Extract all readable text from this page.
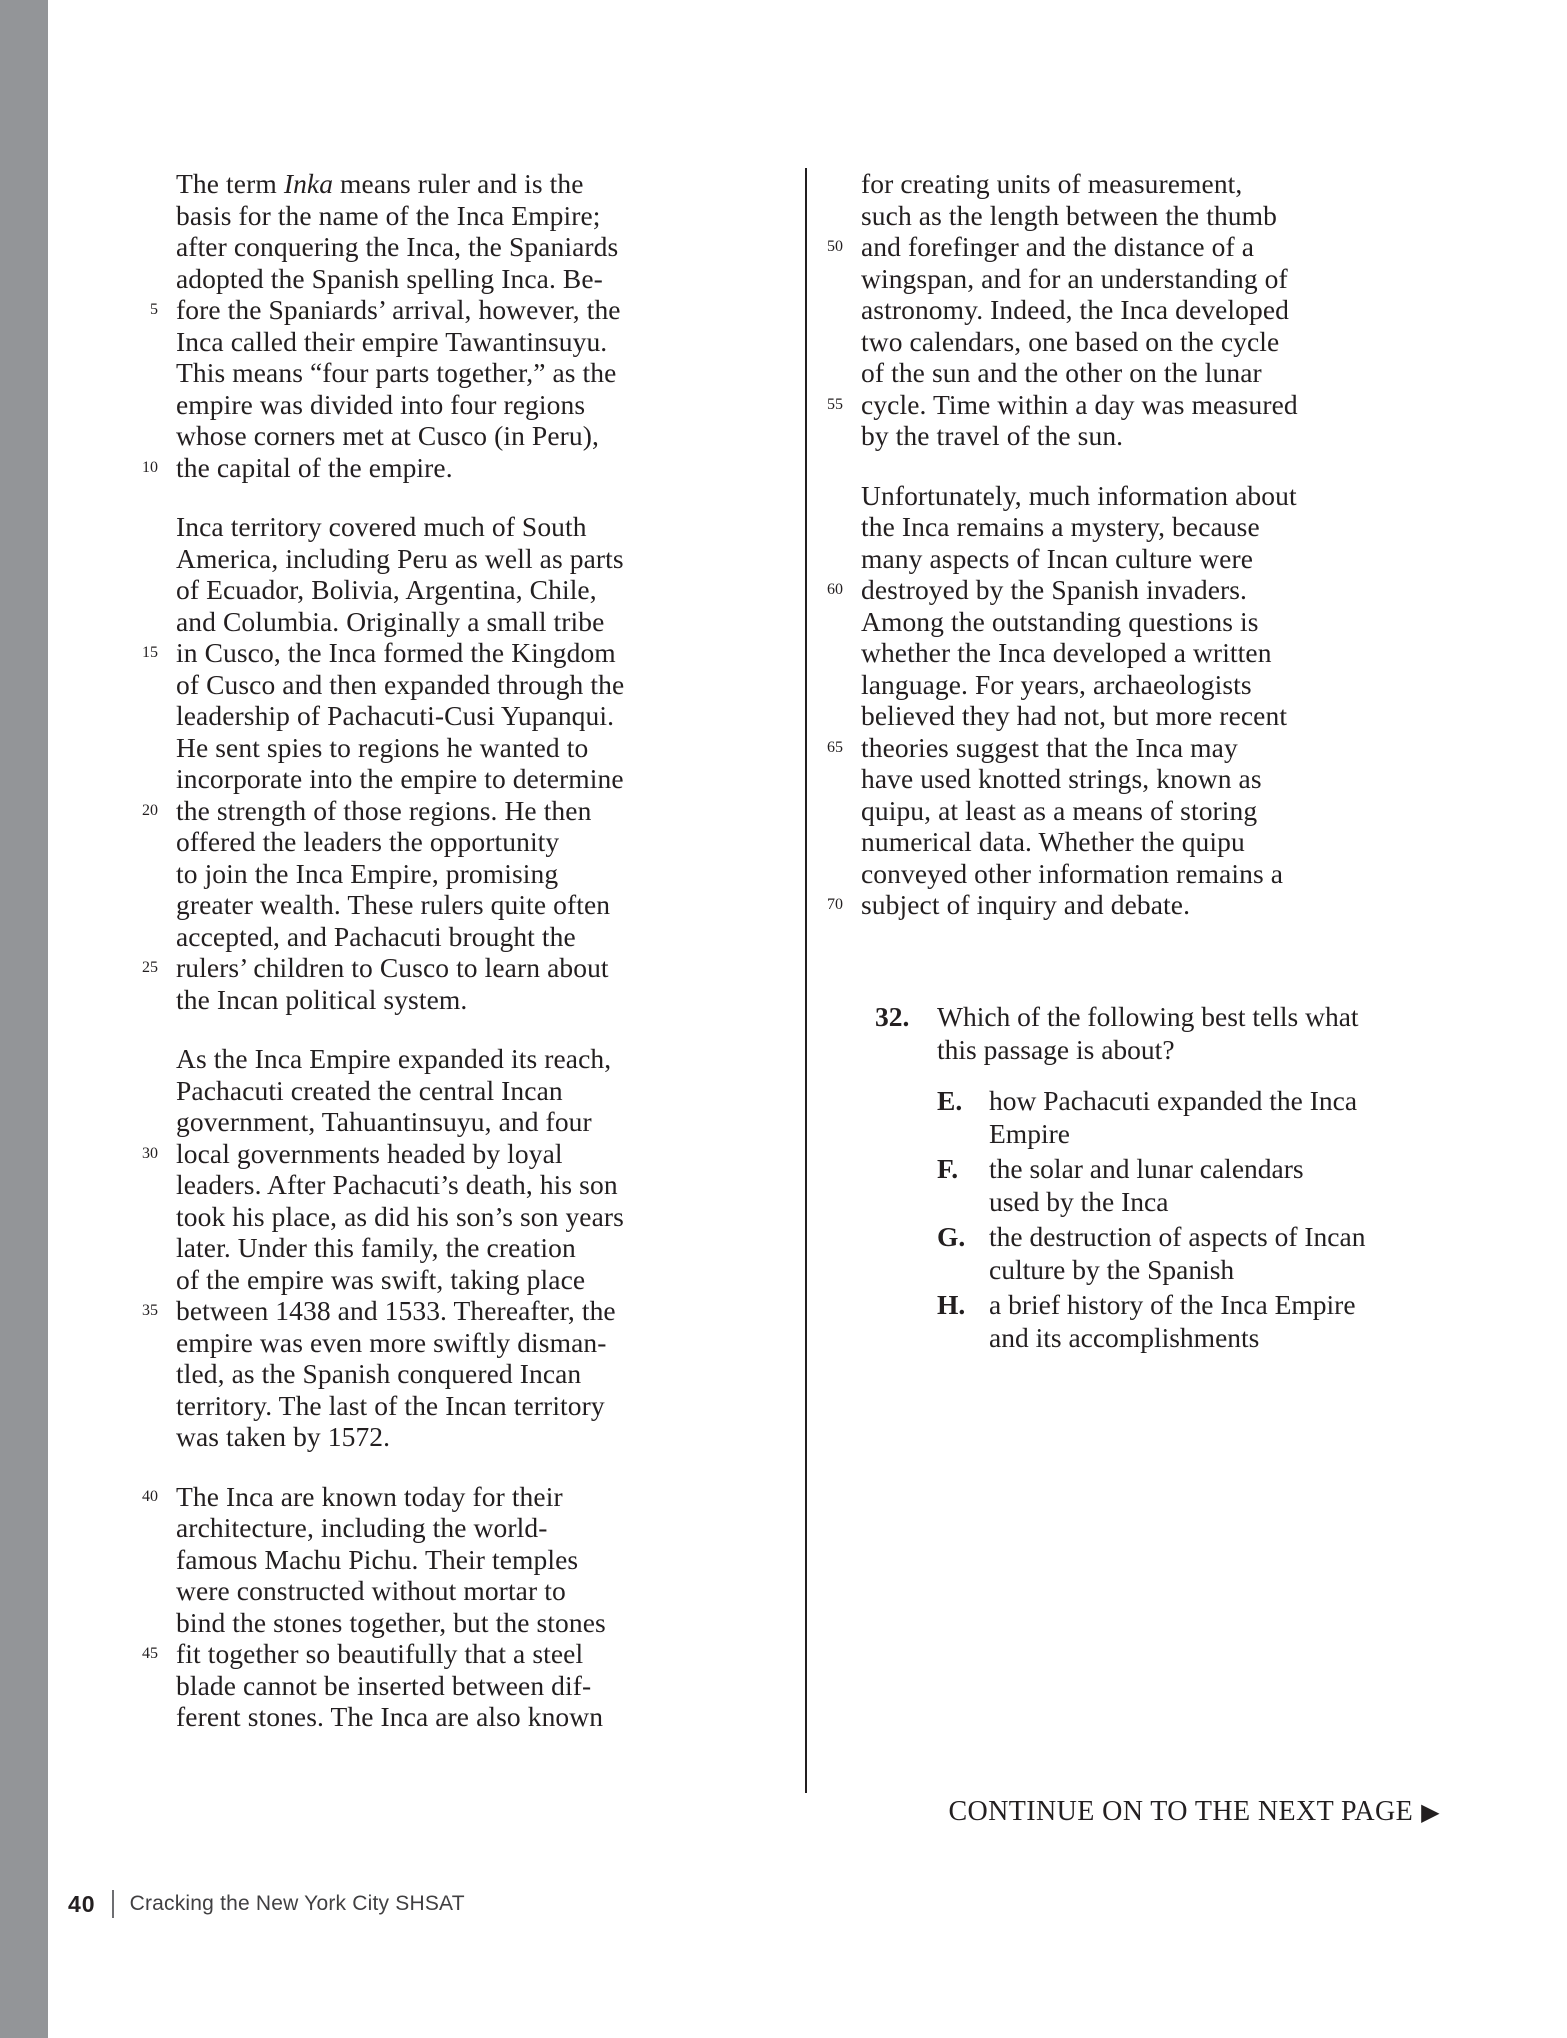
The term Inka means ruler and is the
basis for the name of the Inca Empire;
after conquering the Inca, the Spaniards
adopted the Spanish spelling Inca. Be-
5 fore the Spaniards’ arrival, however, the
Inca called their empire Tawantinsuyu.
This means “four parts together,” as the
empire was divided into four regions
whose corners met at Cusco (in Peru),
10 the capital of the empire.
Inca territory covered much of South
America, including Peru as well as parts
of Ecuador, Bolivia, Argentina, Chile,
and Columbia. Originally a small tribe
15 in Cusco, the Inca formed the Kingdom
of Cusco and then expanded through the
leadership of Pachacuti-Cusi Yupanqui.
He sent spies to regions he wanted to
incorporate into the empire to determine
20 the strength of those regions. He then
offered the leaders the opportunity
to join the Inca Empire, promising
greater wealth. These rulers quite often
accepted, and Pachacuti brought the
25 rulers’ children to Cusco to learn about
the Incan political system.
As the Inca Empire expanded its reach,
Pachacuti created the central Incan
government, Tahuantinsuyu, and four
30 local governments headed by loyal
leaders. After Pachacuti’s death, his son
took his place, as did his son’s son years
later. Under this family, the creation
of the empire was swift, taking place
35 between 1438 and 1533. Thereafter, the
empire was even more swiftly disman-
tled, as the Spanish conquered Incan
territory. The last of the Incan territory
was taken by 1572.
40 The Inca are known today for their
architecture, including the world-
famous Machu Pichu. Their temples
were constructed without mortar to
bind the stones together, but the stones
45 fit together so beautifully that a steel
blade cannot be inserted between dif-
ferent stones. The Inca are also known
for creating units of measurement,
such as the length between the thumb
50 and forefinger and the distance of a
wingspan, and for an understanding of
astronomy. Indeed, the Inca developed
two calendars, one based on the cycle
of the sun and the other on the lunar
55 cycle. Time within a day was measured
by the travel of the sun.
Unfortunately, much information about
the Inca remains a mystery, because
many aspects of Incan culture were
60 destroyed by the Spanish invaders.
Among the outstanding questions is
whether the Inca developed a written
language. For years, archaeologists
believed they had not, but more recent
65 theories suggest that the Inca may
have used knotted strings, known as
quipu, at least as a means of storing
numerical data. Whether the quipu
conveyed other information remains a
70 subject of inquiry and debate.
32.	Which of the following best tells what
this passage is about?
E. how Pachacuti expanded the Inca
Empire
F.	the solar and lunar calendars
used by the Inca
G. the destruction of aspects of Incan
culture by the Spanish
H. a brief history of the Inca Empire
and its accomplishments
CONTINUE ON TO THE NEXT PAGE ▶
40 Cracking the New York City SHSAT
